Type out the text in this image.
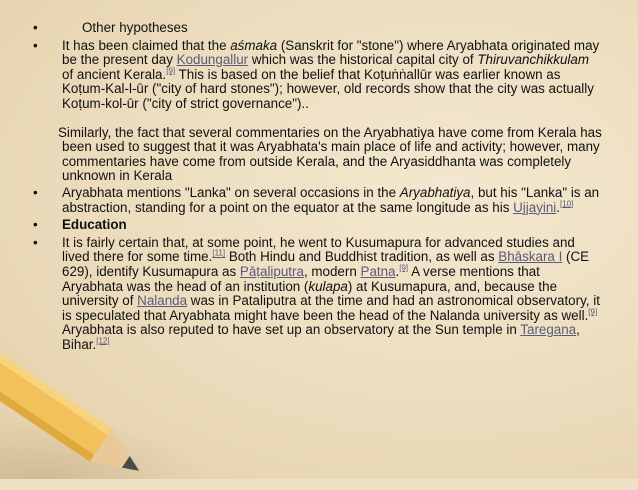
•	Other hypotheses
•	It has been claimed that the aśmaka (Sanskrit for "stone") where Aryabhata originated may be the present day Kodungallur which was the historical capital city of Thiruvanchikkulam of ancient Kerala.[9] This is based on the belief that Koṭuṅṅallūr was earlier known as Koṭum-Kal-l-ūr ("city of hard stones"); however, old records show that the city was actually Koṭum-kol-ūr ("city of strict governance")..
Similarly, the fact that several commentaries on the Aryabhatiya have come from Kerala has been used to suggest that it was Aryabhata's main place of life and activity; however, many commentaries have come from outside Kerala, and the Aryasiddhanta was completely unknown in Kerala
•	Aryabhata mentions "Lanka" on several occasions in the Aryabhatiya, but his "Lanka" is an abstraction, standing for a point on the equator at the same longitude as his Ujjayini.[10]
•	Education
•	It is fairly certain that, at some point, he went to Kusumapura for advanced studies and lived there for some time.[11] Both Hindu and Buddhist tradition, as well as Bhāskara I (CE 629), identify Kusumapura as Pāṭaliputra, modern Patna.[9] A verse mentions that Aryabhata was the head of an institution (kulapa) at Kusumapura, and, because the university of Nalanda was in Pataliputra at the time and had an astronomical observatory, it is speculated that Aryabhata might have been the head of the Nalanda university as well.[9] Aryabhata is also reputed to have set up an observatory at the Sun temple in Taregana, Bihar.[12]
